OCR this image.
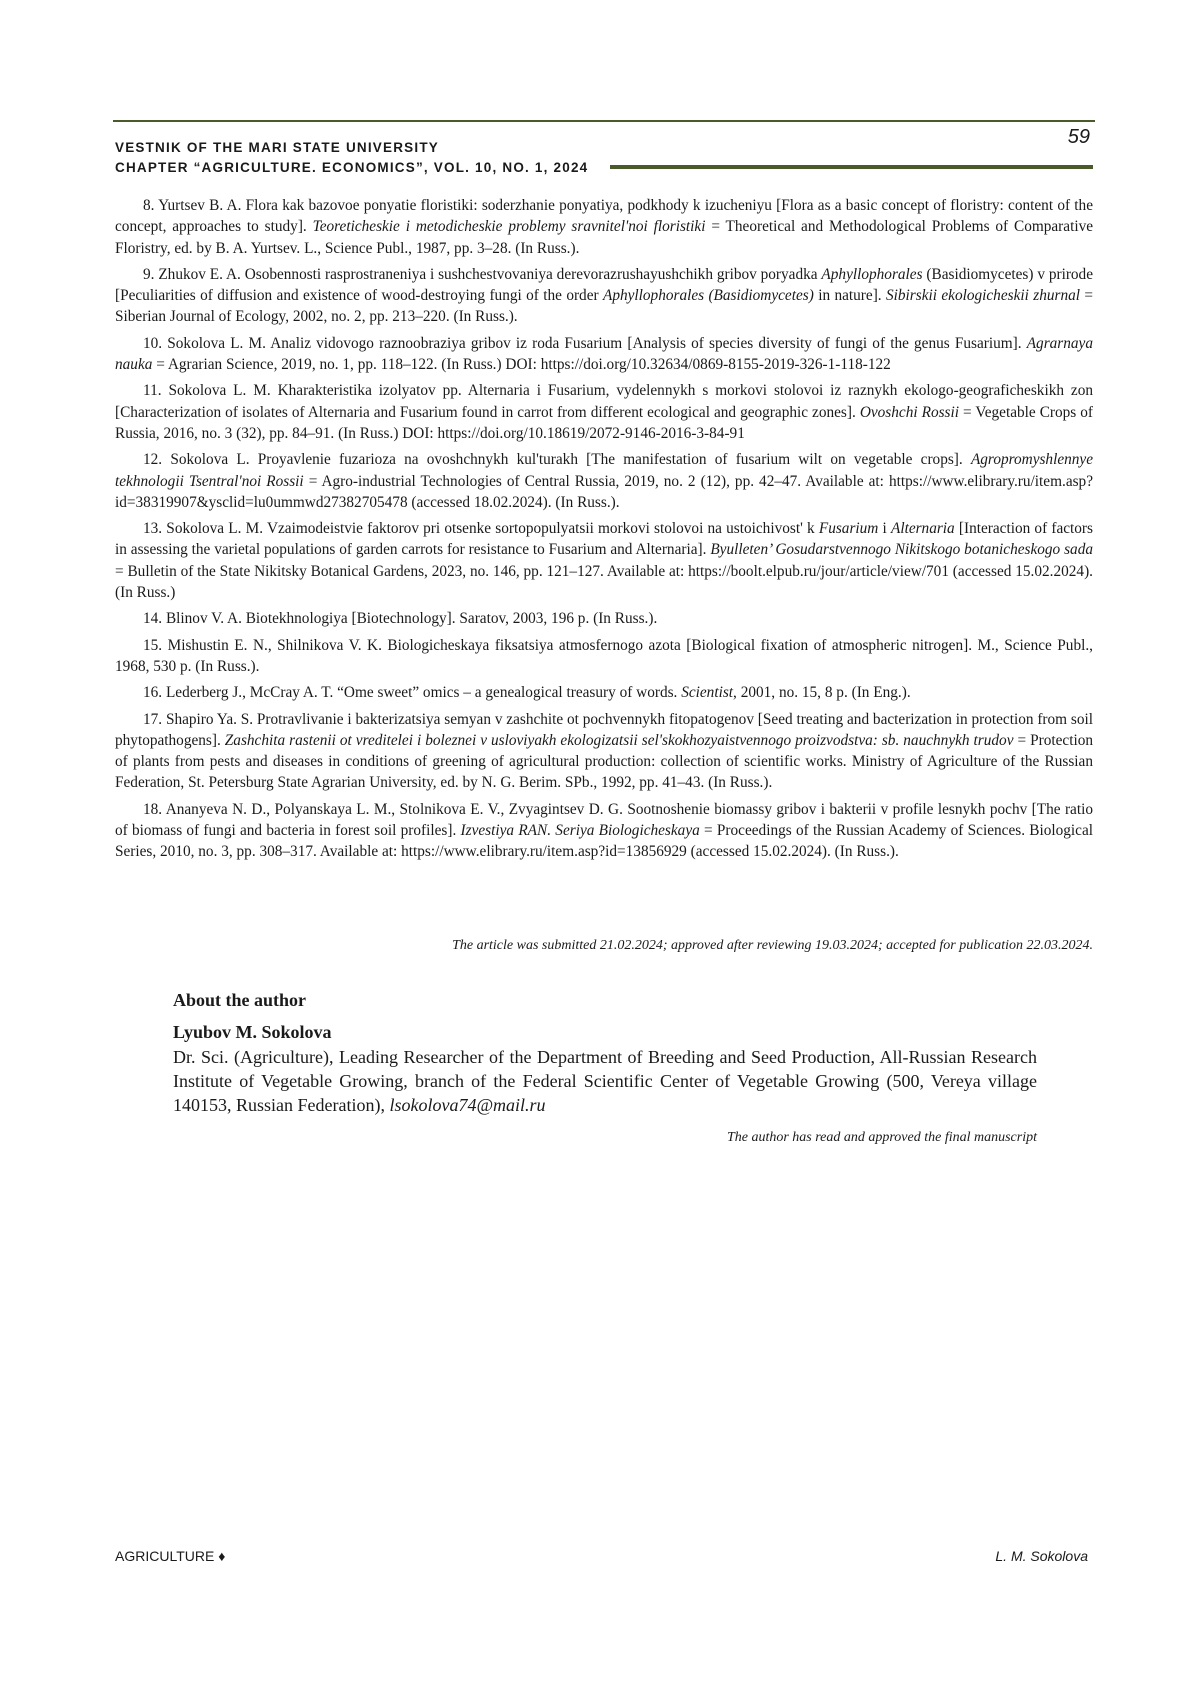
VESTNIK OF THE MARI STATE UNIVERSITY
CHAPTER “AGRICULTURE. ECONOMICS”, VOL. 10, NO. 1, 2024
59

8. Yurtsev B. A. Flora kak bazovoe ponyatie floristiki: soderzhanie ponyatiya, podkhody k izucheniyu [Flora as a basic concept of floristry: content of the concept, approaches to study]. Teoreticheskie i metodicheskie problemy sravnitel'noi floristiki = Theoretical and Methodological Problems of Comparative Floristry, ed. by B. A. Yurtsev. L., Science Publ., 1987, pp. 3–28. (In Russ.).

9. Zhukov E. A. Osobennosti rasprostraneniya i sushchestvovaniya derevorazrushayushchikh gribov poryadka Aphyllophorales (Basidiomycetes) v prirode [Peculiarities of diffusion and existence of wood-destroying fungi of the order Aphyllophorales (Basidiomycetes) in nature]. Sibirskii ekologicheskii zhurnal = Siberian Journal of Ecology, 2002, no. 2, pp. 213–220. (In Russ.).

10. Sokolova L. M. Analiz vidovogo raznoobraziya gribov iz roda Fusarium [Analysis of species diversity of fungi of the genus Fusarium]. Agrarnaya nauka = Agrarian Science, 2019, no. 1, pp. 118–122. (In Russ.) DOI: https://doi.org/10.32634/0869-8155-2019-326-1-118-122

11. Sokolova L. M. Kharakteristika izolyatov pp. Alternaria i Fusarium, vydelennykh s morkovi stolovoi iz raznykh ekologo-geograficheskikh zon [Characterization of isolates of Alternaria and Fusarium found in carrot from different ecological and geographic zones]. Ovoshchi Rossii = Vegetable Crops of Russia, 2016, no. 3 (32), pp. 84–91. (In Russ.) DOI: https://doi.org/10.18619/2072-9146-2016-3-84-91

12. Sokolova L. Proyavlenie fuzarioza na ovoshchnykh kul'turakh [The manifestation of fusarium wilt on vegetable crops]. Agropromyshlennye tekhnologii Tsentral'noi Rossii = Agro-industrial Technologies of Central Russia, 2019, no. 2 (12), pp. 42–47. Available at: https://www.elibrary.ru/item.asp?id=38319907&ysclid=lu0ummwd27382705478 (accessed 18.02.2024). (In Russ.).

13. Sokolova L. M. Vzaimodeistvie faktorov pri otsenke sortopopulyatsii morkovi stolovoi na ustoichivost' k Fusarium i Alternaria [Interaction of factors in assessing the varietal populations of garden carrots for resistance to Fusarium and Alternaria]. Byulleten’ Gosudarstvennogo Nikitskogo botanicheskogo sada = Bulletin of the State Nikitsky Botanical Gardens, 2023, no. 146, pp. 121–127. Available at: https://boolt.elpub.ru/jour/article/view/701 (accessed 15.02.2024). (In Russ.)

14. Blinov V. A. Biotekhnologiya [Biotechnology]. Saratov, 2003, 196 p. (In Russ.).

15. Mishustin E. N., Shilnikova V. K. Biologicheskaya fiksatsiya atmosfernogo azota [Biological fixation of atmospheric nitrogen]. M., Science Publ., 1968, 530 p. (In Russ.).

16. Lederberg J., McCray A. T. “Ome sweet” omics – a genealogical treasury of words. Scientist, 2001, no. 15, 8 p. (In Eng.).

17. Shapiro Ya. S. Protravlivanie i bakterizatsiya semyan v zashchite ot pochvennykh fitopatogenov [Seed treating and bacterization in protection from soil phytopathogens]. Zashchita rastenii ot vreditelei i boleznei v usloviyakh ekologizatsii sel'skokhozyaistvennogo proizvodstva: sb. nauchnykh trudov = Protection of plants from pests and diseases in conditions of greening of agricultural production: collection of scientific works. Ministry of Agriculture of the Russian Federation, St. Petersburg State Agrarian University, ed. by N. G. Berim. SPb., 1992, pp. 41–43. (In Russ.).

18. Ananyeva N. D., Polyanskaya L. M., Stolnikova E. V., Zvyagintsev D. G. Sootnoshenie biomassy gribov i bakterii v profile lesnykh pochv [The ratio of biomass of fungi and bacteria in forest soil profiles]. Izvestiya RAN. Seriya Biologicheskaya = Proceedings of the Russian Academy of Sciences. Biological Series, 2010, no. 3, pp. 308–317. Available at: https://www.elibrary.ru/item.asp?id=13856929 (accessed 15.02.2024). (In Russ.).

The article was submitted 21.02.2024; approved after reviewing 19.03.2024; accepted for publication 22.03.2024.
About the author
Lyubov M. Sokolova
Dr. Sci. (Agriculture), Leading Researcher of the Department of Breeding and Seed Production, All-Russian Research Institute of Vegetable Growing, branch of the Federal Scientific Center of Vegetable Growing (500, Vereya village 140153, Russian Federation), lsokolova74@mail.ru
The author has read and approved the final manuscript
AGRICULTURE ♦	L. M. Sokolova
